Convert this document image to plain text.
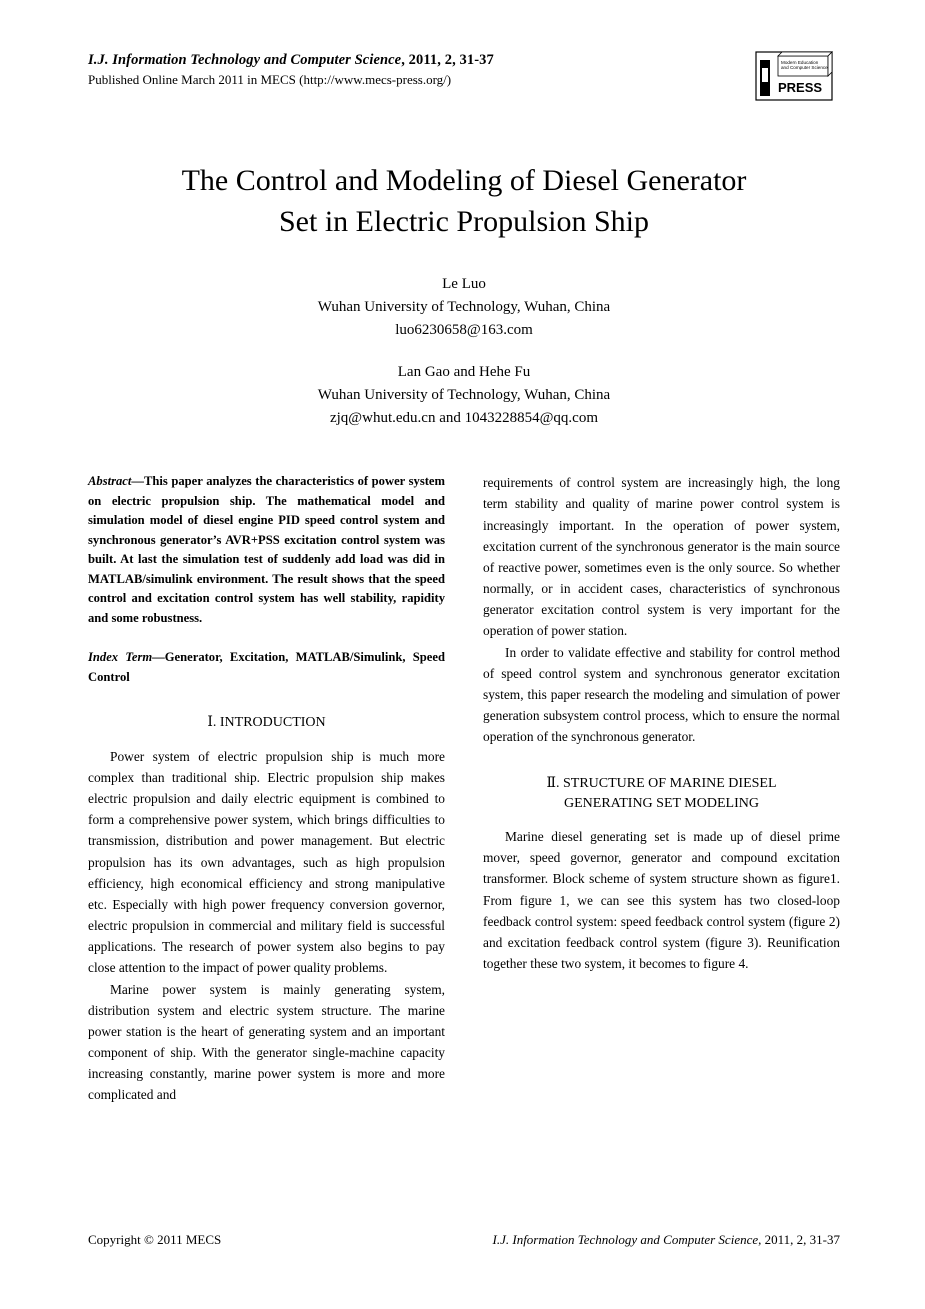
I.J. Information Technology and Computer Science, 2011, 2, 31-37
Published Online March 2011 in MECS (http://www.mecs-press.org/)
Modern Education
and Computer Science
PRESS
The Control and Modeling of Diesel Generator
Set in Electric Propulsion Ship
Le Luo
Wuhan University of Technology, Wuhan, China
luo6230658@163.com
Lan Gao and Hehe Fu
Wuhan University of Technology, Wuhan, China
zjq@whut.edu.cn and 1043228854@qq.com
Abstract—This paper analyzes the characteristics of power system on electric propulsion ship. The mathematical model and simulation model of diesel engine PID speed control system and synchronous generator’s AVR+PSS excitation control system was built. At last the simulation test of suddenly add load was did in MATLAB/simulink environment. The result shows that the speed control and excitation control system has well stability, rapidity and some robustness.
Index Term—Generator, Excitation, MATLAB/Simulink, Speed Control
Ⅰ. INTRODUCTION

Power system of electric propulsion ship is much more complex than traditional ship. Electric propulsion ship makes electric propulsion and daily electric equipment is combined to form a comprehensive power system, which brings difficulties to transmission, distribution and power management. But electric propulsion has its own advantages, such as high propulsion efficiency, high economical efficiency and strong manipulative etc. Especially with high power frequency conversion governor, electric propulsion in commercial and military field is successful applications. The research of power system also begins to pay close attention to the impact of power quality problems.

Marine power system is mainly generating system, distribution system and electric system structure. The marine power station is the heart of generating system and an important component of ship. With the generator single-machine capacity increasing constantly, marine power system is more and more complicated and

requirements of control system are increasingly high, the long term stability and quality of marine power control system is increasingly important. In the operation of power system, excitation current of the synchronous generator is the main source of reactive power, sometimes even is the only source. So whether normally, or in accident cases, characteristics of synchronous generator excitation control system is very important for the operation of power station.

In order to validate effective and stability for control method of speed control system and synchronous generator excitation system, this paper research the modeling and simulation of power generation subsystem control process, which to ensure the normal operation of the synchronous generator.

Ⅱ. STRUCTURE OF MARINE DIESEL
GENERATING SET MODELING

Marine diesel generating set is made up of diesel prime mover, speed governor, generator and compound excitation transformer. Block scheme of system structure shown as figure1. From figure 1, we can see this system has two closed-loop feedback control system: speed feedback control system (figure 2) and excitation feedback control system (figure 3). Reunification together these two system, it becomes to figure 4.

Copyright © 2011 MECS	I.J. Information Technology and Computer Science, 2011, 2, 31-37
